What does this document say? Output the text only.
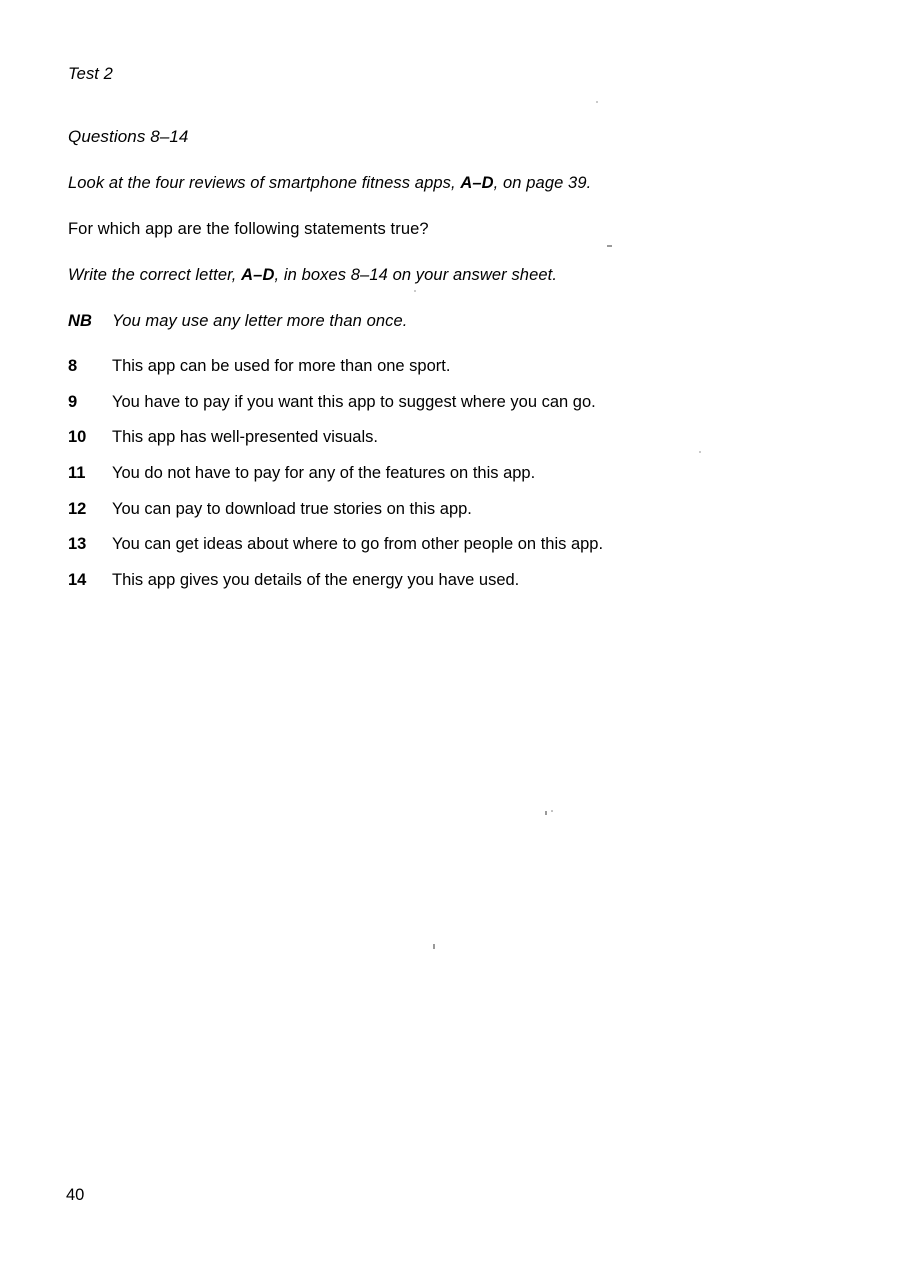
Test 2
Questions 8–14
Look at the four reviews of smartphone fitness apps, A–D, on page 39.
For which app are the following statements true?
Write the correct letter, A–D, in boxes 8–14 on your answer sheet.
NB You may use any letter more than once.
8 This app can be used for more than one sport.
9 You have to pay if you want this app to suggest where you can go.
10 This app has well-presented visuals.
11 You do not have to pay for any of the features on this app.
12 You can pay to download true stories on this app.
13 You can get ideas about where to go from other people on this app.
14 This app gives you details of the energy you have used.
40
